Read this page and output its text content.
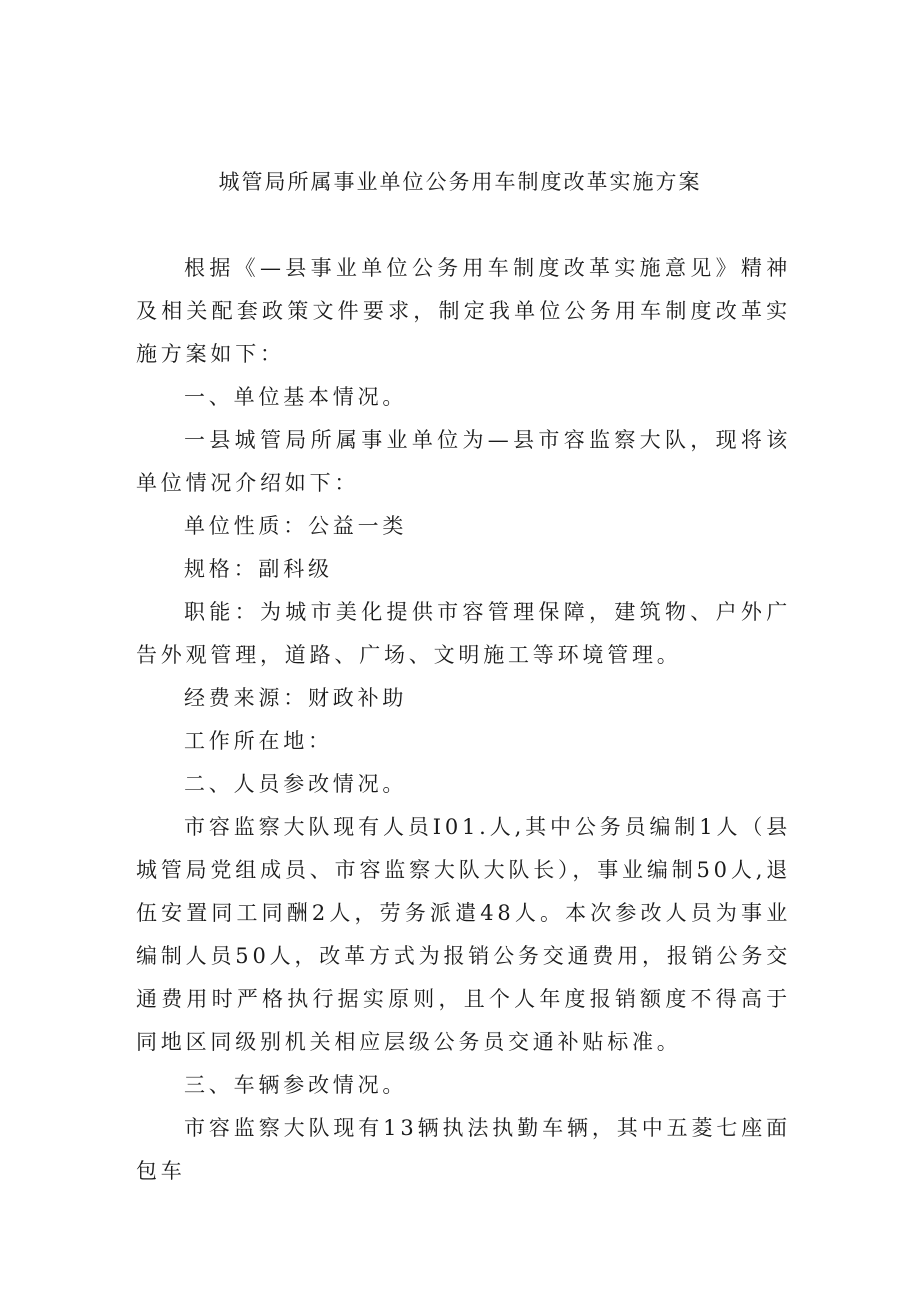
城管局所属事业单位公务用车制度改革实施方案

根据《—县事业单位公务用车制度改革实施意见》精神及相关配套政策文件要求，制定我单位公务用车制度改革实施方案如下：

一、单位基本情况。

一县城管局所属事业单位为—县市容监察大队，现将该单位情况介绍如下：

单位性质：公益一类

规格：副科级

职能：为城市美化提供市容管理保障，建筑物、户外广告外观管理，道路、广场、文明施工等环境管理。

经费来源：财政补助

工作所在地：

二、人员参改情况。

市容监察大队现有人员I01.人,其中公务员编制1人（县城管局党组成员、市容监察大队大队长），事业编制50人,退伍安置同工同酬2人，劳务派遣48人。本次参改人员为事业编制人员50人，改革方式为报销公务交通费用，报销公务交通费用时严格执行据实原则，且个人年度报销额度不得高于同地区同级别机关相应层级公务员交通补贴标准。

三、车辆参改情况。

市容监察大队现有13辆执法执勤车辆，其中五菱七座面包车
